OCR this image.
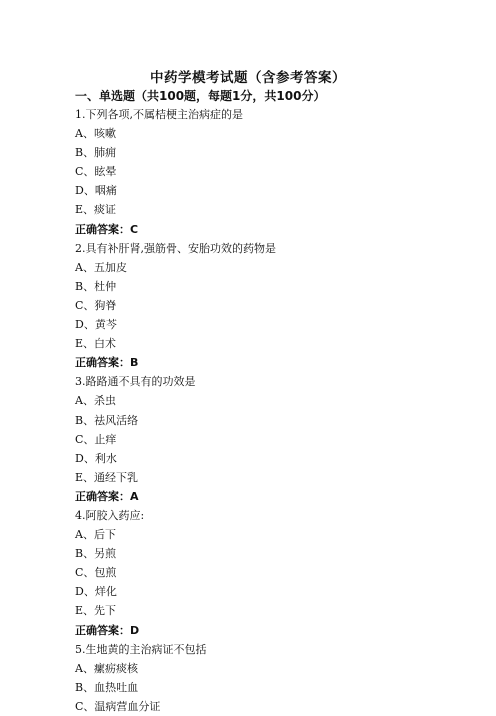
中药学模考试题（含参考答案）
一、单选题（共100题，每题1分，共100分）
1.下列各项,不属桔梗主治病症的是
A、咳嗽
B、肺痈
C、眩晕
D、咽痛
E、痰证
正确答案：C
2.具有补肝肾,强筋骨、安胎功效的药物是
A、五加皮
B、杜仲
C、狗脊
D、黄芩
E、白术
正确答案：B
3.路路通不具有的功效是
A、杀虫
B、祛风活络
C、止痒
D、利水
E、通经下乳
正确答案：A
4.阿胶入药应:
A、后下
B、另煎
C、包煎
D、烊化
E、先下
正确答案：D
5.生地黄的主治病证不包括
A、瘰疬痰核
B、血热吐血
C、温病营血分证
